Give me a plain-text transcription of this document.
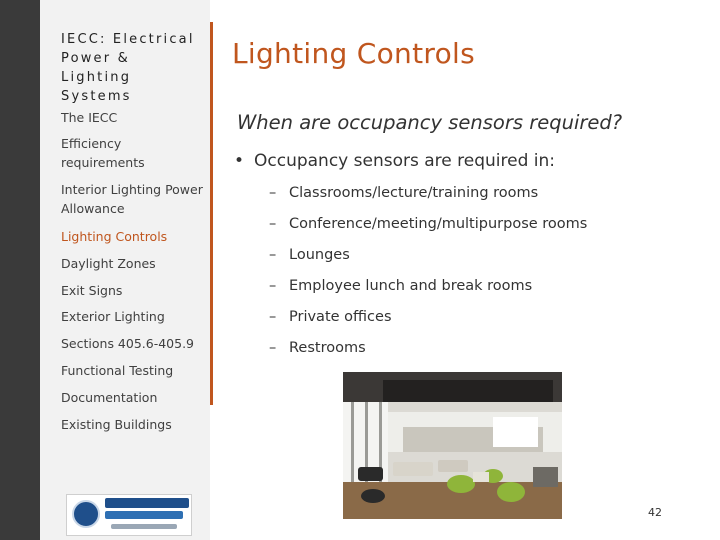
IECC: Electrical Power & Lighting Systems
The IECC
Efficiency requirements
Interior Lighting Power Allowance
Lighting Controls
Daylight Zones
Exit Signs
Exterior Lighting
Sections 405.6-405.9
Functional Testing
Documentation
Existing Buildings
Lighting Controls
When are occupancy sensors required?
• Occupancy sensors are required in:
– Classrooms/lecture/training rooms
– Conference/meeting/multipurpose rooms
– Lounges
– Employee lunch and break rooms
– Private offices
– Restrooms
42
